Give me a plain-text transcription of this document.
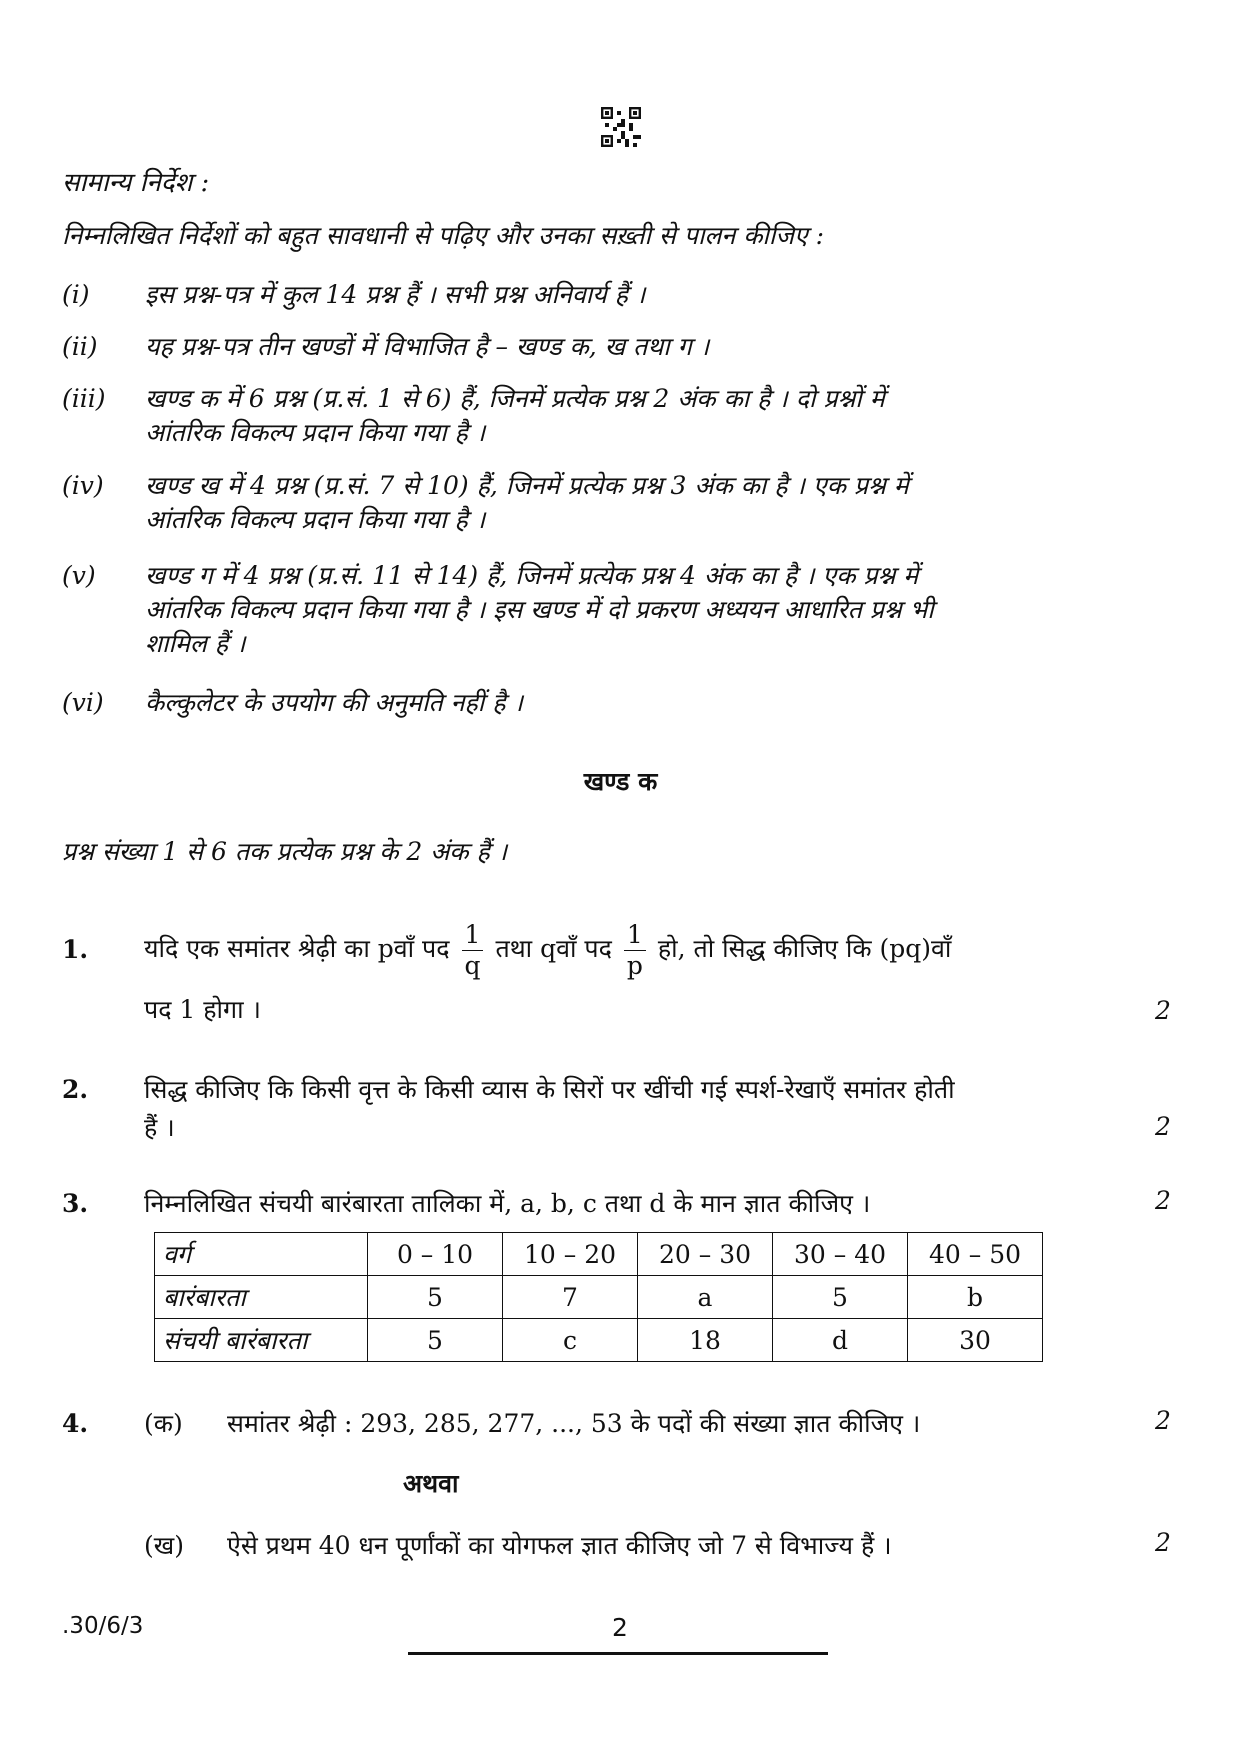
सामान्य निर्देश :
निम्नलिखित निर्देशों को बहुत सावधानी से पढ़िए और उनका सख़्ती से पालन कीजिए :
(i)	इस प्रश्न-पत्र में कुल 14 प्रश्न हैं । सभी प्रश्न अनिवार्य हैं ।
(ii)	यह प्रश्न-पत्र तीन खण्डों में विभाजित है – खण्ड क, ख तथा ग ।
(iii)	खण्ड क में 6 प्रश्न (प्र.सं. 1 से 6) हैं, जिनमें प्रत्येक प्रश्न 2 अंक का है । दो प्रश्नों में
आंतरिक विकल्प प्रदान किया गया है ।
(iv)	खण्ड ख में 4 प्रश्न (प्र.सं. 7 से 10) हैं, जिनमें प्रत्येक प्रश्न 3 अंक का है । एक प्रश्न में
आंतरिक विकल्प प्रदान किया गया है ।
(v)	खण्ड ग में 4 प्रश्न (प्र.सं. 11 से 14) हैं, जिनमें प्रत्येक प्रश्न 4 अंक का है । एक प्रश्न में
आंतरिक विकल्प प्रदान किया गया है । इस खण्ड में दो प्रकरण अध्ययन आधारित प्रश्न भी
शामिल हैं ।
(vi)	कैल्कुलेटर के उपयोग की अनुमति नहीं है ।
खण्ड क
प्रश्न संख्या 1 से 6 तक प्रत्येक प्रश्न के 2 अंक हैं ।
1. यदि एक समांतर श्रेढ़ी का pवाँ पद $\frac{1}{q}$ तथा qवाँ पद $\frac{1}{p}$ हो, तो सिद्ध कीजिए कि (pq)वाँ
पद 1 होगा ।	2
2. सिद्ध कीजिए कि किसी वृत्त के किसी व्यास के सिरों पर खींची गई स्पर्श-रेखाएँ समांतर होती
हैं ।	2
3. निम्नलिखित संचयी बारंबारता तालिका में, a, b, c तथा d के मान ज्ञात कीजिए ।	2
वर्ग	0 – 10	10 – 20	20 – 30	30 – 40	40 – 50
बारंबारता	5	7	a	5	b
संचयी बारंबारता	5	c	18	d	30
4. (क)	समांतर श्रेढ़ी : 293, 285, 277, ..., 53 के पदों की संख्या ज्ञात कीजिए ।	2
अथवा
(ख)	ऐसे प्रथम 40 धन पूर्णांकों का योगफल ज्ञात कीजिए जो 7 से विभाज्य हैं ।	2
.30/6/3	2
